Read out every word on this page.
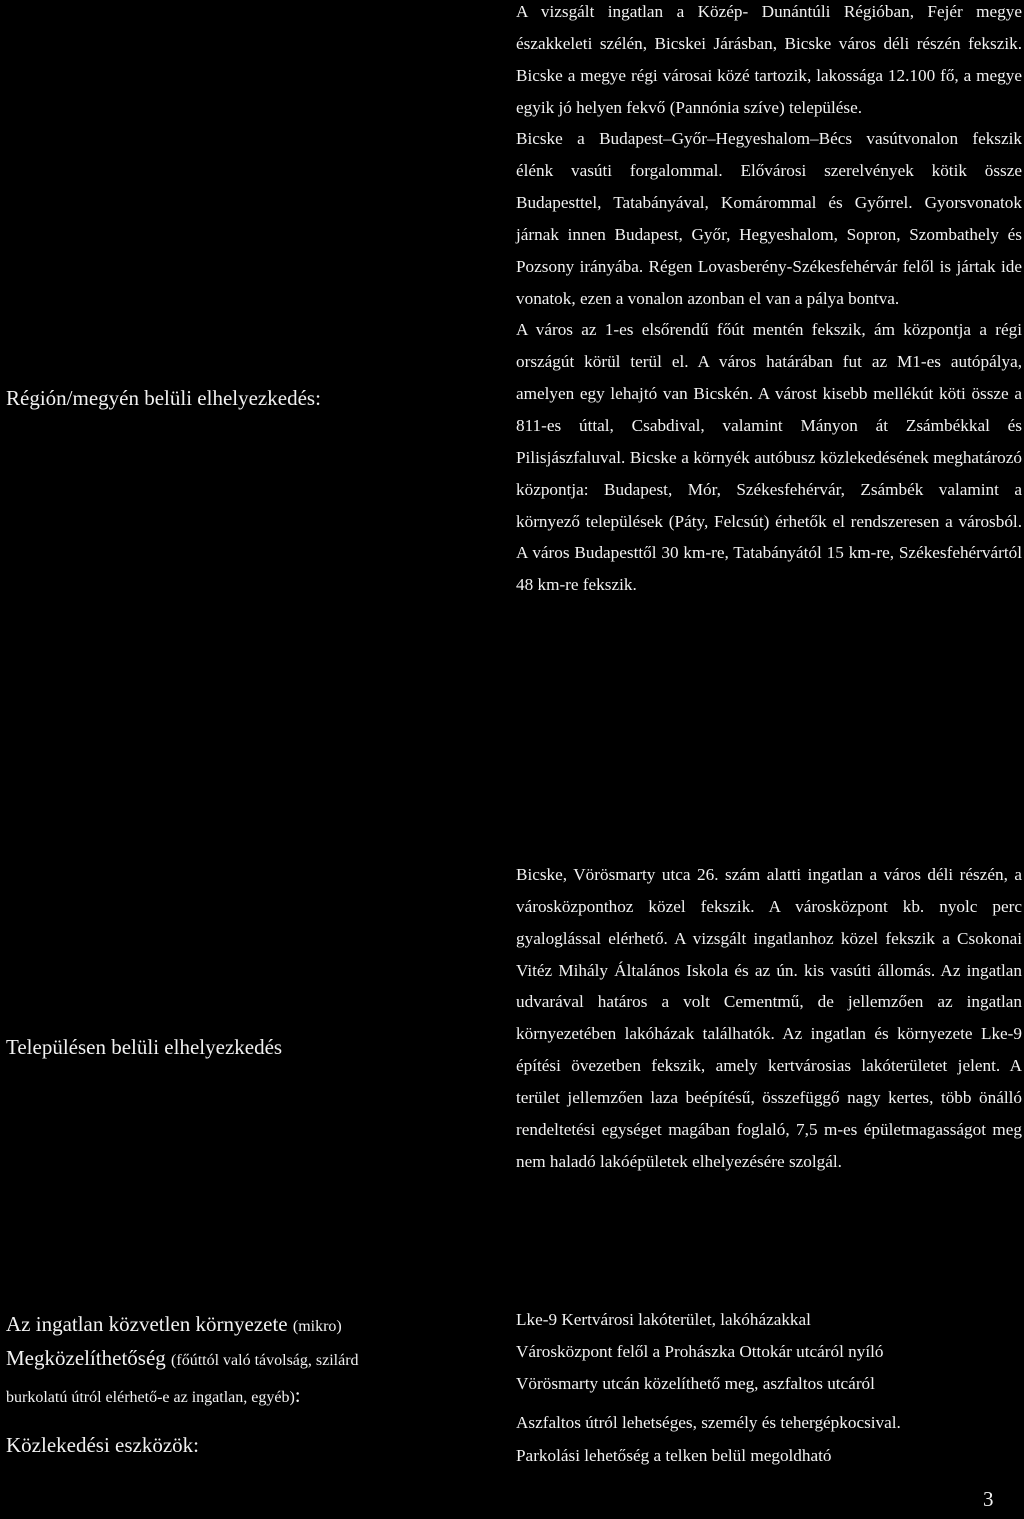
Régión/megyén belüli elhelyezkedés:

A vizsgált ingatlan a Közép- Dunántúli Régióban, Fejér megye északkeleti szélén, Bicskei Járásban, Bicske város déli részén fekszik. Bicske a megye régi városai közé tartozik, lakossága 12.100 fő, a megye egyik jó helyen fekvő (Pannónia szíve) települése.

Bicske a Budapest–Győr–Hegyeshalom–Bécs vasútvonalon fekszik élénk vasúti forgalommal. Elővárosi szerelvények kötik össze Budapesttel, Tatabányával, Komárommal és Győrrel. Gyorsvonatok járnak innen Budapest, Győr, Hegyeshalom, Sopron, Szombathely és Pozsony irányába. Régen Lovasberény-Székesfehérvár felől is jártak ide vonatok, ezen a vonalon azonban el van a pálya bontva.

A város az 1-es elsőrendű főút mentén fekszik, ám központja a régi országút körül terül el. A város határában fut az M1-es autópálya, amelyen egy lehajtó van Bicskén. A várost kisebb mellékút köti össze a 811-es úttal, Csabdival, valamint Mányon át Zsámbékkal és Pilisjászfaluval. Bicske a környék autóbusz közlekedésének meghatározó központja: Budapest, Mór, Székesfehérvár, Zsámbék valamint a környező települések (Páty, Felcsút) érhetők el rendszeresen a városból. A város Budapesttől 30 km-re, Tatabányától 15 km-re, Székesfehérvártól 48 km-re fekszik.

Településen belüli elhelyezkedés

Bicske, Vörösmarty utca 26. szám alatti ingatlan a város déli részén, a városközponthoz közel fekszik. A városközpont kb. nyolc perc gyaloglással elérhető. A vizsgált ingatlanhoz közel fekszik a Csokonai Vitéz Mihály Általános Iskola és az ún. kis vasúti állomás. Az ingatlan udvarával határos a volt Cementmű, de jellemzően az ingatlan környezetében lakóházak találhatók. Az ingatlan és környezete Lke-9 építési övezetben fekszik, amely kertvárosias lakóterületet jelent. A terület jellemzően laza beépítésű, összefüggő nagy kertes, több önálló rendeltetési egységet magában foglaló, 7,5 m-es épületmagasságot meg nem haladó lakóépületek elhelyezésére szolgál.

Az ingatlan közvetlen környezete (mikro)	Lke-9 Kertvárosi lakóterület, lakóházakkal
Megközelíthetőség (főúttól való távolság, szilárd
burkolatú útról elérhető-e az ingatlan, egyéb):
Városközpont felől a Prohászka Ottokár utcáról nyíló
Vörösmarty utcán közelíthető meg, aszfaltos utcáról
Közlekedési eszközök:
Aszfaltos útról lehetséges, személy és tehergépkocsival.
Parkolási lehetőség a telken belül megoldható
3
